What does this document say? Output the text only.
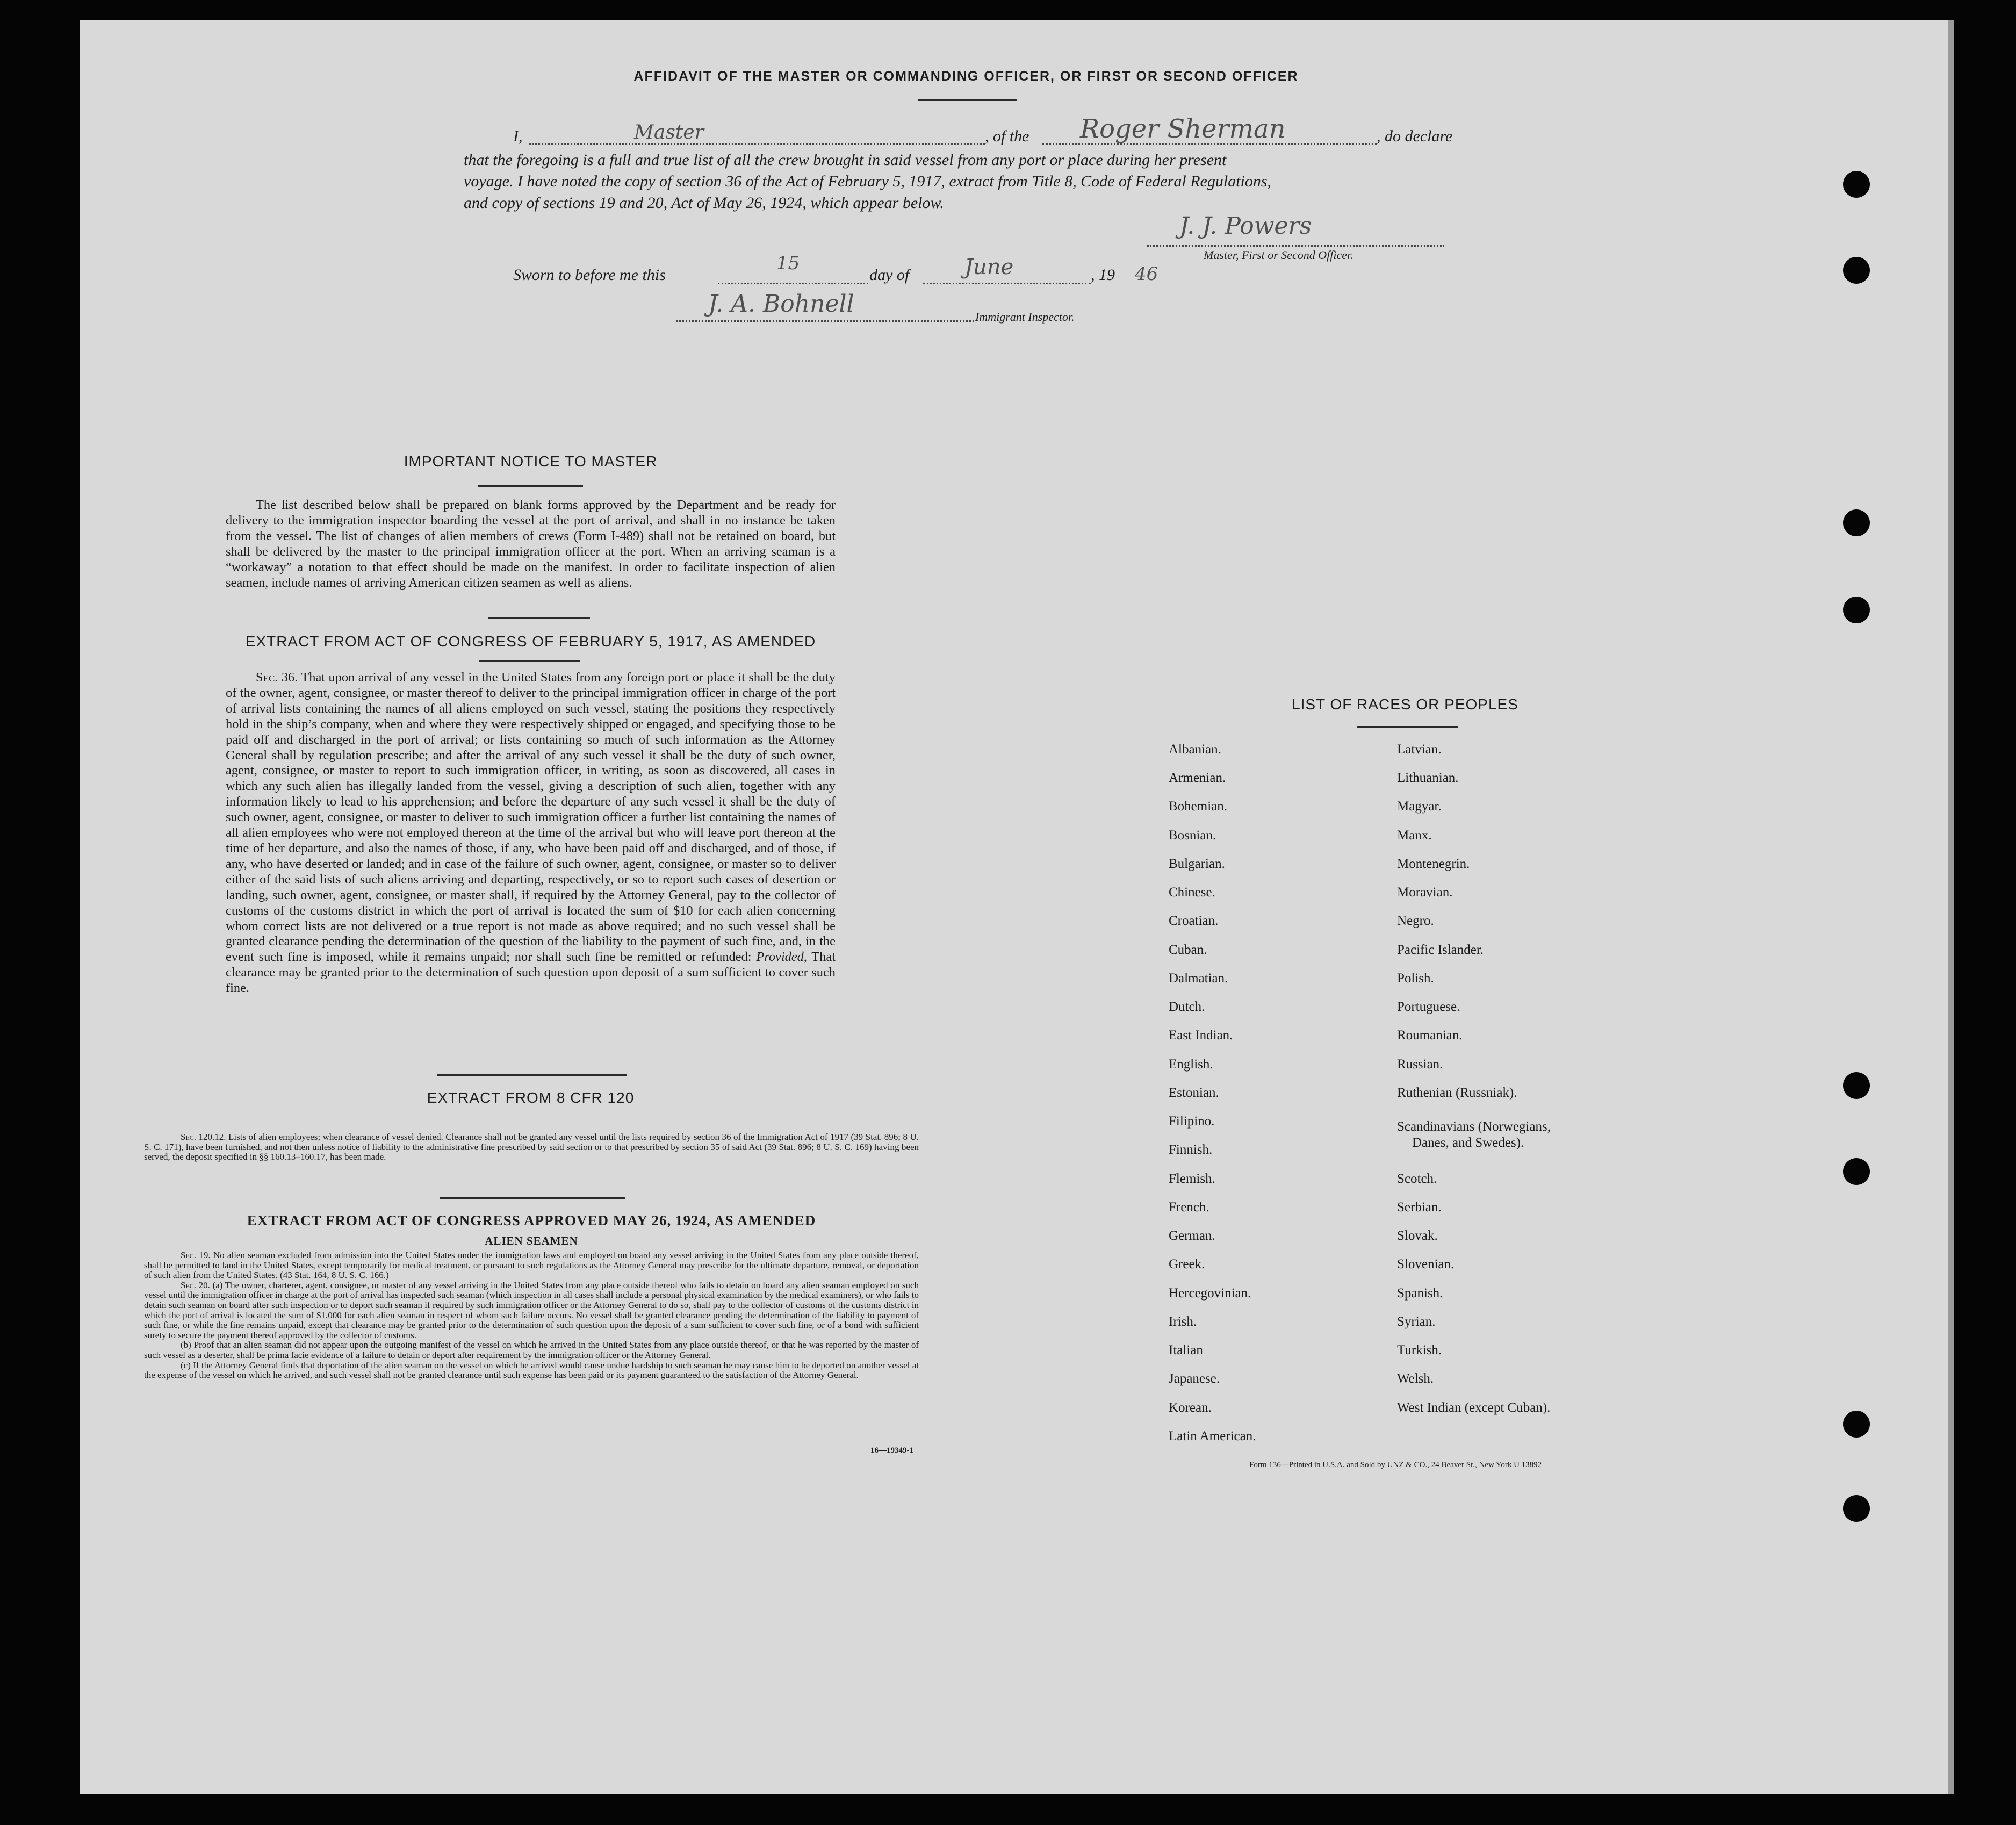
AFFIDAVIT OF THE MASTER OR COMMANDING OFFICER, OR FIRST OR SECOND OFFICER
I,	Master	, of the Roger Sherman	, do declare
that the foregoing is a full and true list of all the crew brought in said vessel from any port or place during her present
voyage. I have noted the copy of section 36 of the Act of February 5, 1917, extract from Title 8, Code of Federal Regulations,
and copy of sections 19 and 20, Act of May 26, 1924, which appear below.
J. J. Powers
Master, First or Second Officer.
Sworn to before me this
15
day of	June	, 19 46
J. A. Bohnell	Immigrant Inspector.
IMPORTANT NOTICE TO MASTER

The list described below shall be prepared on blank forms approved by the Department and be ready for delivery to the immigration inspector boarding the vessel at the port of arrival, and shall in no instance be taken from the vessel. The list of changes of alien members of crews (Form I-489) shall not be retained on board, but shall be delivered by the master to the principal immigration officer at the port. When an arriving seaman is a “workaway” a notation to that effect should be made on the manifest. In order to facilitate inspection of alien seamen, include names of arriving American citizen seamen as well as aliens.

EXTRACT FROM ACT OF CONGRESS OF FEBRUARY 5, 1917, AS AMENDED

Sec. 36. That upon arrival of any vessel in the United States from any foreign port or place it shall be the duty of the owner, agent, consignee, or master thereof to deliver to the principal immigration officer in charge of the port of arrival lists containing the names of all aliens employed on such vessel, stating the positions they respectively hold in the ship’s company, when and where they were respectively shipped or engaged, and specifying those to be paid off and discharged in the port of arrival; or lists containing so much of such information as the Attorney General shall by regulation prescribe; and after the arrival of any such vessel it shall be the duty of such owner, agent, consignee, or master to report to such immigration officer, in writing, as soon as discovered, all cases in which any such alien has illegally landed from the vessel, giving a description of such alien, together with any information likely to lead to his apprehension; and before the departure of any such vessel it shall be the duty of such owner, agent, consignee, or master to deliver to such immigration officer a further list containing the names of all alien employees who were not employed thereon at the time of the arrival but who will leave port thereon at the time of her departure, and also the names of those, if any, who have been paid off and discharged, and of those, if any, who have deserted or landed; and in case of the failure of such owner, agent, consignee, or master so to deliver either of the said lists of such aliens arriving and departing, respectively, or so to report such cases of desertion or landing, such owner, agent, consignee, or master shall, if required by the Attorney General, pay to the collector of customs of the customs district in which the port of arrival is located the sum of $10 for each alien concerning whom correct lists are not delivered or a true report is not made as above required; and no such vessel shall be granted clearance pending the determination of the question of the liability to the payment of such fine, and, in the event such fine is imposed, while it remains unpaid; nor shall such fine be remitted or refunded: Provided, That clearance may be granted prior to the determination of such question upon deposit of a sum sufficient to cover such fine.

EXTRACT FROM 8 CFR 120

Sec. 120.12. Lists of alien employees; when clearance of vessel denied. Clearance shall not be granted any vessel until the lists required by section 36 of the Immigration Act of 1917 (39 Stat. 896; 8 U. S. C. 171), have been furnished, and not then unless notice of liability to the administrative fine prescribed by said section or to that prescribed by section 35 of said Act (39 Stat. 896; 8 U. S. C. 169) having been served, the deposit specified in §§ 160.13–160.17, has been made.

EXTRACT FROM ACT OF CONGRESS APPROVED MAY 26, 1924, AS AMENDED
ALIEN SEAMEN

Sec. 19. No alien seaman excluded from admission into the United States under the immigration laws and employed on board any vessel arriving in the United States from any place outside thereof, shall be permitted to land in the United States, except temporarily for medical treatment, or pursuant to such regulations as the Attorney General may prescribe for the ultimate departure, removal, or deportation of such alien from the United States. (43 Stat. 164, 8 U. S. C. 166.)

Sec. 20. (a) The owner, charterer, agent, consignee, or master of any vessel arriving in the United States from any place outside thereof who fails to detain on board any alien seaman employed on such vessel until the immigration officer in charge at the port of arrival has inspected such seaman (which inspection in all cases shall include a personal physical examination by the medical examiners), or who fails to detain such seaman on board after such inspection or to deport such seaman if required by such immigration officer or the Attorney General to do so, shall pay to the collector of customs of the customs district in which the port of arrival is located the sum of $1,000 for each alien seaman in respect of whom such failure occurs. No vessel shall be granted clearance pending the determination of the liability to payment of such fine, or while the fine remains unpaid, except that clearance may be granted prior to the determination of such question upon the deposit of a sum sufficient to cover such fine, or of a bond with sufficient surety to secure the payment thereof approved by the collector of customs.

(b) Proof that an alien seaman did not appear upon the outgoing manifest of the vessel on which he arrived in the United States from any place outside thereof, or that he was reported by the master of such vessel as a deserter, shall be prima facie evidence of a failure to detain or deport after requirement by the immigration officer or the Attorney General.

(c) If the Attorney General finds that deportation of the alien seaman on the vessel on which he arrived would cause undue hardship to such seaman he may cause him to be deported on another vessel at the expense of the vessel on which he arrived, and such vessel shall not be granted clearance until such expense has been paid or its payment guaranteed to the satisfaction of the Attorney General.

16—19349-1
LIST OF RACES OR PEOPLES
Albanian.
Armenian.
Bohemian.
Bosnian.
Bulgarian.
Chinese.
Croatian.
Cuban.
Dalmatian.
Dutch.
East Indian.
English.
Estonian.
Filipino.
Finnish.
Flemish.
French.
German.
Greek.
Hercegovinian.
Irish.
Italian
Japanese.
Korean.
Latin American.
Latvian.
Lithuanian.
Magyar.
Manx.
Montenegrin.
Moravian.
Negro.
Pacific Islander.
Polish.
Portuguese.
Roumanian.
Russian.
Ruthenian (Russniak).
Scandinavians (Norwegians,
Danes, and Swedes).
Scotch.
Serbian.
Slovak.
Slovenian.
Spanish.
Syrian.
Turkish.
Welsh.
West Indian (except Cuban).
Form 136—Printed in U.S.A. and Sold by UNZ & CO., 24 Beaver St., New York U 13892
